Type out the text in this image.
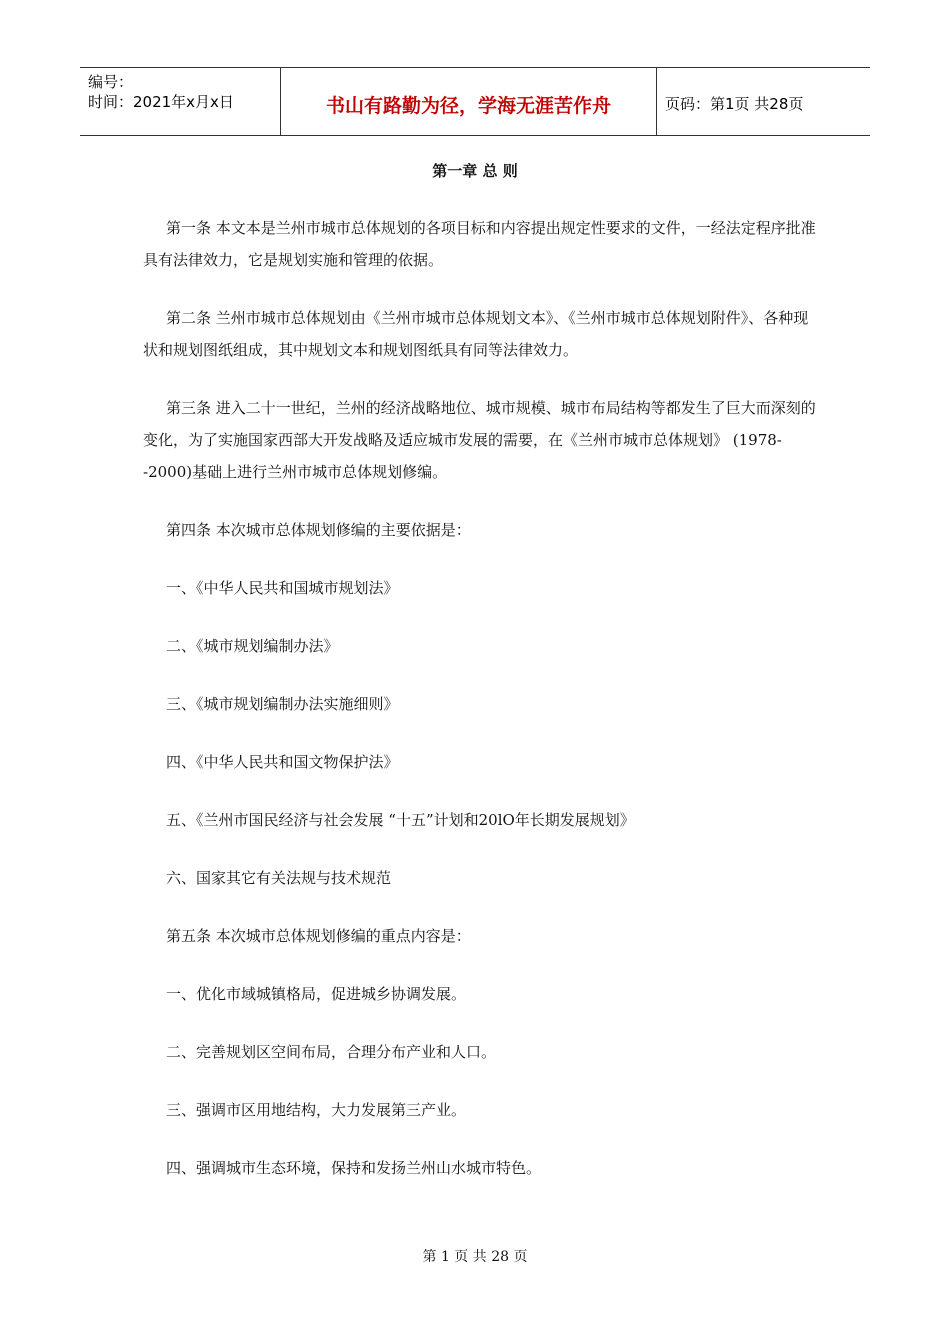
编号：
时间：2021年x月x日	书山有路勤为径，学海无涯苦作舟	页码：第1页 共28页
第一章 总 则

第一条 本文本是兰州市城市总体规划的各项目标和内容提出规定性要求的文件，一经法定程序批准具有法律效力，它是规划实施和管理的依据。

第二条 兰州市城市总体规划由《兰州市城市总体规划文本》、《兰州市城市总体规划附件》、各种现状和规划图纸组成，其中规划文本和规划图纸具有同等法律效力。

第三条 进入二十一世纪，兰州的经济战略地位、城市规模、城市布局结构等都发生了巨大而深刻的变化，为了实施国家西部大开发战略及适应城市发展的需要，在《兰州市城市总体规划》 (1978--2000)基础上进行兰州市城市总体规划修编。

第四条 本次城市总体规划修编的主要依据是：

一、《中华人民共和国城市规划法》

二、《城市规划编制办法》

三、《城市规划编制办法实施细则》

四、《中华人民共和国文物保护法》

五、《兰州市国民经济与社会发展 “十五”计划和20lO年长期发展规划》

六、国家其它有关法规与技术规范

第五条 本次城市总体规划修编的重点内容是：

一、优化市域城镇格局，促进城乡协调发展。

二、完善规划区空间布局，合理分布产业和人口。

三、强调市区用地结构，大力发展第三产业。

四、强调城市生态环境，保持和发扬兰州山水城市特色。

第 1 页 共 28 页
